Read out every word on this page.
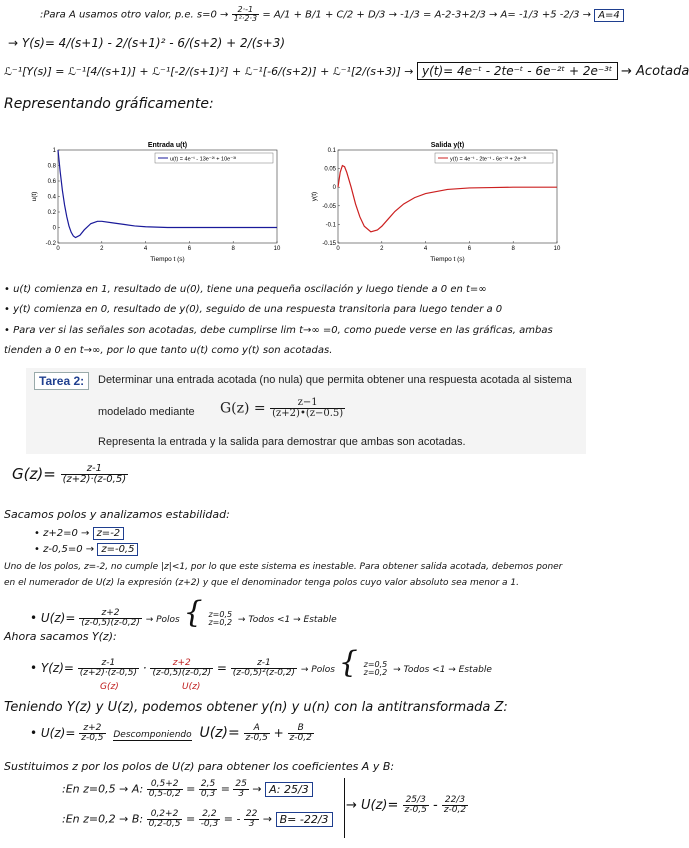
:Para A usamos otro valor, p.e. $s=0 \to \frac{2\cdot-1}{\text{1²·2·3}} = A/1 + B/1 + C/2 + D/3 \to -1/3 = A-2-3+2/3 \to A= -1/3 +5$ -2/3 → A=4
→ Y(s)= 4/(s+1) - 2/(s+1)² - 6/(s+2) + 2/(s+3)
ℒ⁻¹[Y(s)] = ℒ⁻¹[4/(s+1)] + ℒ⁻¹[-2/(s+1)²] + ℒ⁻¹[-6/(s+2)] + ℒ⁻¹[2/(s+3)] → y(t)= 4e⁻ᵗ - 2te⁻ᵗ - 6e⁻²ᵗ + 2e⁻³ᵗ → Acotada
Representando gráficamente:
Entrada u(t)
0	2	4	6	8	10
-0.2
0
0.2
0.4
0.6
0.8
1
Tiempo t (s)
u(t)
u(t) = 4e⁻ᵗ - 13e⁻²ᵗ + 10e⁻³ᵗ
Salida y(t)
0	2	4	6	8	10
-0.15
-0.1
-0.05
0
0.05
0.1
Tiempo t (s)
y(t)
y(t) = 4e⁻ᵗ - 2te⁻ᵗ - 6e⁻²ᵗ + 2e⁻³ᵗ
• u(t) comienza en 1, resultado de u(0), tiene una pequeña oscilación y luego tiende a 0 en t=∞
• y(t) comienza en 0, resultado de y(0), seguido de una respuesta transitoria para luego tender a 0
• Para ver si las señales son acotadas, debe cumplirse lim t→∞ =0, como puede verse en las gráficas, ambas
tienden a 0 en t→∞, por lo que tanto u(t) como y(t) son acotadas.
Tarea 2:	Determinar una entrada acotada (no nula) que permita obtener una respuesta acotada al sistema
modelado mediante $G(z) = \frac{z-1}{(z+2)•(z-0.5)}$
Representa la entrada y la salida para demostrar que ambas son acotadas.
$G(z)= \frac{z-1}{(z+2)\cdot(z-0,5)}$
Sacamos polos y analizamos estabilidad:
• z+2=0 → z=-2
• z-0,5=0 → z=-0,5
Uno de los polos, z=-2, no cumple |z|<1, por lo que este sistema es inestable. Para obtener salida acotada, debemos poner
en el numerador de U(z) la expresión (z+2) y que el denominador tenga polos cuyo valor absoluto sea menor a 1.
• $U(z)= \frac{z+2}{(z-0,5)(z-0,2)}$ → Polos { z=0,5
z=0,2 → Todos <1 → Estable
Ahora sacamos Y(z):
• $Y(z)= \frac{z-1}{(z+2)\cdot(z-0,5)} \cdot \frac{z+2}{(z-0,5)(z-0,2)} = \frac{z-1}{\text{(z-0,5)²(z-0,2)}}$ → Polos { z=0,5
z=0,2 → Todos <1 → Estable
G(z)	U(z)
Teniendo Y(z) y U(z), podemos obtener y(n) y u(n) con la antitransformada Z:
• $U(z)= \frac{z+2}{z-0,5}$ Descomponiendo $U(z)= \frac{A}{z-0,5} + \frac{B}{z-0,2}$
Sustituimos z por los polos de U(z) para obtener los coeficientes A y B:
:En z=0,5 → A: $\frac{0,5+2}{0,5-0,2} = \frac{2,5}{0,3} = \frac{25}{3} \to A$: 25/3
:En z=0,2 → B: $\frac{0,2+2}{0,2-0,5} = \frac{2,2}{-0,3}$ = - $\frac{22}{3} \to B= -22/3$
→ $U(z)= \frac{25/3}{z-0,5} - \frac{22/3}{z-0,2}$
